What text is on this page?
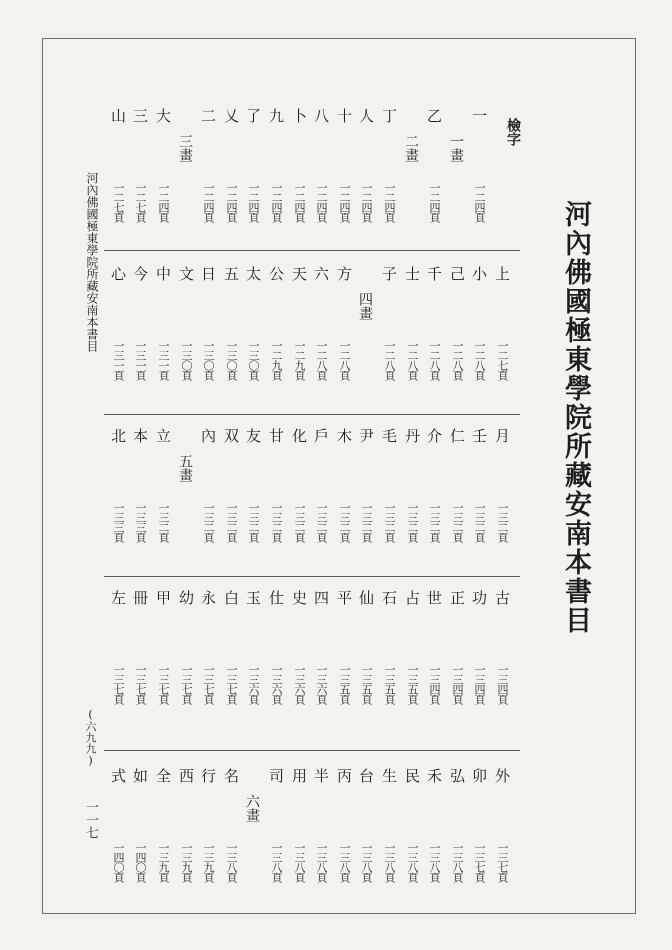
檢字
一
一二四頁
一畫
乙
一二四頁
二畫
丁
一二四頁
人
一二四頁
十
一二四頁
八
一二四頁
卜
一二四頁
九
一二四頁
了
一二四頁
乂
一二四頁
二
一二四頁
三畫
大
一二四頁
三
一二七頁
山
一二七頁
上
一二七頁
小
一二八頁
己
一二八頁
千
一二八頁
士
一二八頁
子
一二八頁
四畫
方
一二八頁
六
一二八頁
天
一二九頁
公
一二九頁
太
一三〇頁
五
一三〇頁
日
一三〇頁
文
一三〇頁
中
一三一頁
今
一三一頁
心
一三一頁
月
一三二頁
壬
一三二頁
仁
一三二頁
介
一三二頁
丹
一三二頁
毛
一三二頁
尹
一三二頁
木
一三二頁
戶
一三二頁
化
一三二頁
甘
一三二頁
友
一三二頁
双
一三二頁
內
一三二頁
五畫
立
一三二頁
本
一三三頁
北
一三三頁
古
一三四頁
功
一三四頁
正
一三四頁
世
一三四頁
占
一三五頁
石
一三五頁
仙
一三五頁
平
一三五頁
四
一三六頁
史
一三六頁
仕
一三六頁
玉
一三六頁
白
一三七頁
永
一三七頁
幼
一三七頁
甲
一三七頁
冊
一三七頁
左
一三七頁
外
一三七頁
卯
一三七頁
弘
一三八頁
禾
一三八頁
民
一三八頁
生
一三八頁
台
一三八頁
丙
一三八頁
半
一三八頁
用
一三八頁
司
一三八頁
六畫
名
一三八頁
行
一三九頁
西
一三九頁
全
一三九頁
如
一四〇頁
式
一四〇頁
河內佛國極東學院所藏安南本書目
河內佛國極東學院所藏安南本書目
(六九九)
一一七
